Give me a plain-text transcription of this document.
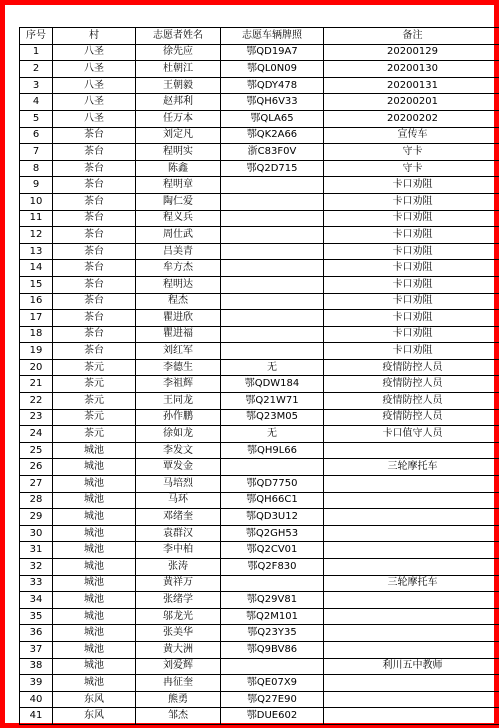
序号	村	志愿者姓名	志愿车辆牌照	备注
1	八圣	徐先应	鄂QD19A7	20200129
2	八圣	杜朝江	鄂QL0N09	20200130
3	八圣	王朝毅	鄂QDY478	20200131
4	八圣	赵邦利	鄂QH6V33	20200201
5	八圣	任万本	鄂QLA65	20200202
6	茶台	刘定凡	鄂QK2A66	宣传车
7	茶台	程明实	浙C83F0V	守卡
8	茶台	陈鑫	鄂Q2D715	守卡
9	茶台	程明章		卡口劝阻
10	茶台	陶仁爱		卡口劝阻
11	茶台	程义兵		卡口劝阻
12	茶台	周仕武		卡口劝阻
13	茶台	吕美青		卡口劝阻
14	茶台	牟方杰		卡口劝阻
15	茶台	程明达		卡口劝阻
16	茶台	程杰		卡口劝阻
17	茶台	瞿进欣		卡口劝阻
18	茶台	瞿进福		卡口劝阻
19	茶台	刘红军		卡口劝阻
20	茶元	李德生	无	疫情防控人员
21	茶元	李祖辉	鄂QDW184	疫情防控人员
22	茶元	王同龙	鄂Q21W71	疫情防控人员
23	茶元	孙作鹏	鄂Q23M05	疫情防控人员
24	茶元	徐如龙	无	卡口值守人员
25	城池	李发文	鄂QH9L66	
26	城池	覃发金		三轮摩托车
27	城池	马培烈	鄂QD7750	
28	城池	马环	鄂QH66C1	
29	城池	邓绪奎	鄂QD3U12	
30	城池	袁群汉	鄂Q2GH53	
31	城池	李中柏	鄂Q2CV01	
32	城池	张涛	鄂Q2F830	
33	城池	黄祥万		三轮摩托车
34	城池	张绪学	鄂Q29V81	
35	城池	邬龙光	鄂Q2M101	
36	城池	张美华	鄂Q23Y35	
37	城池	黄大洲	鄂Q9BV86	
38	城池	刘爱辉		利川五中教师
39	城池	冉征奎	鄂QE07X9	
40	东风	熊勇	鄂Q27E90	
41	东风	邹杰	鄂DUE602	
